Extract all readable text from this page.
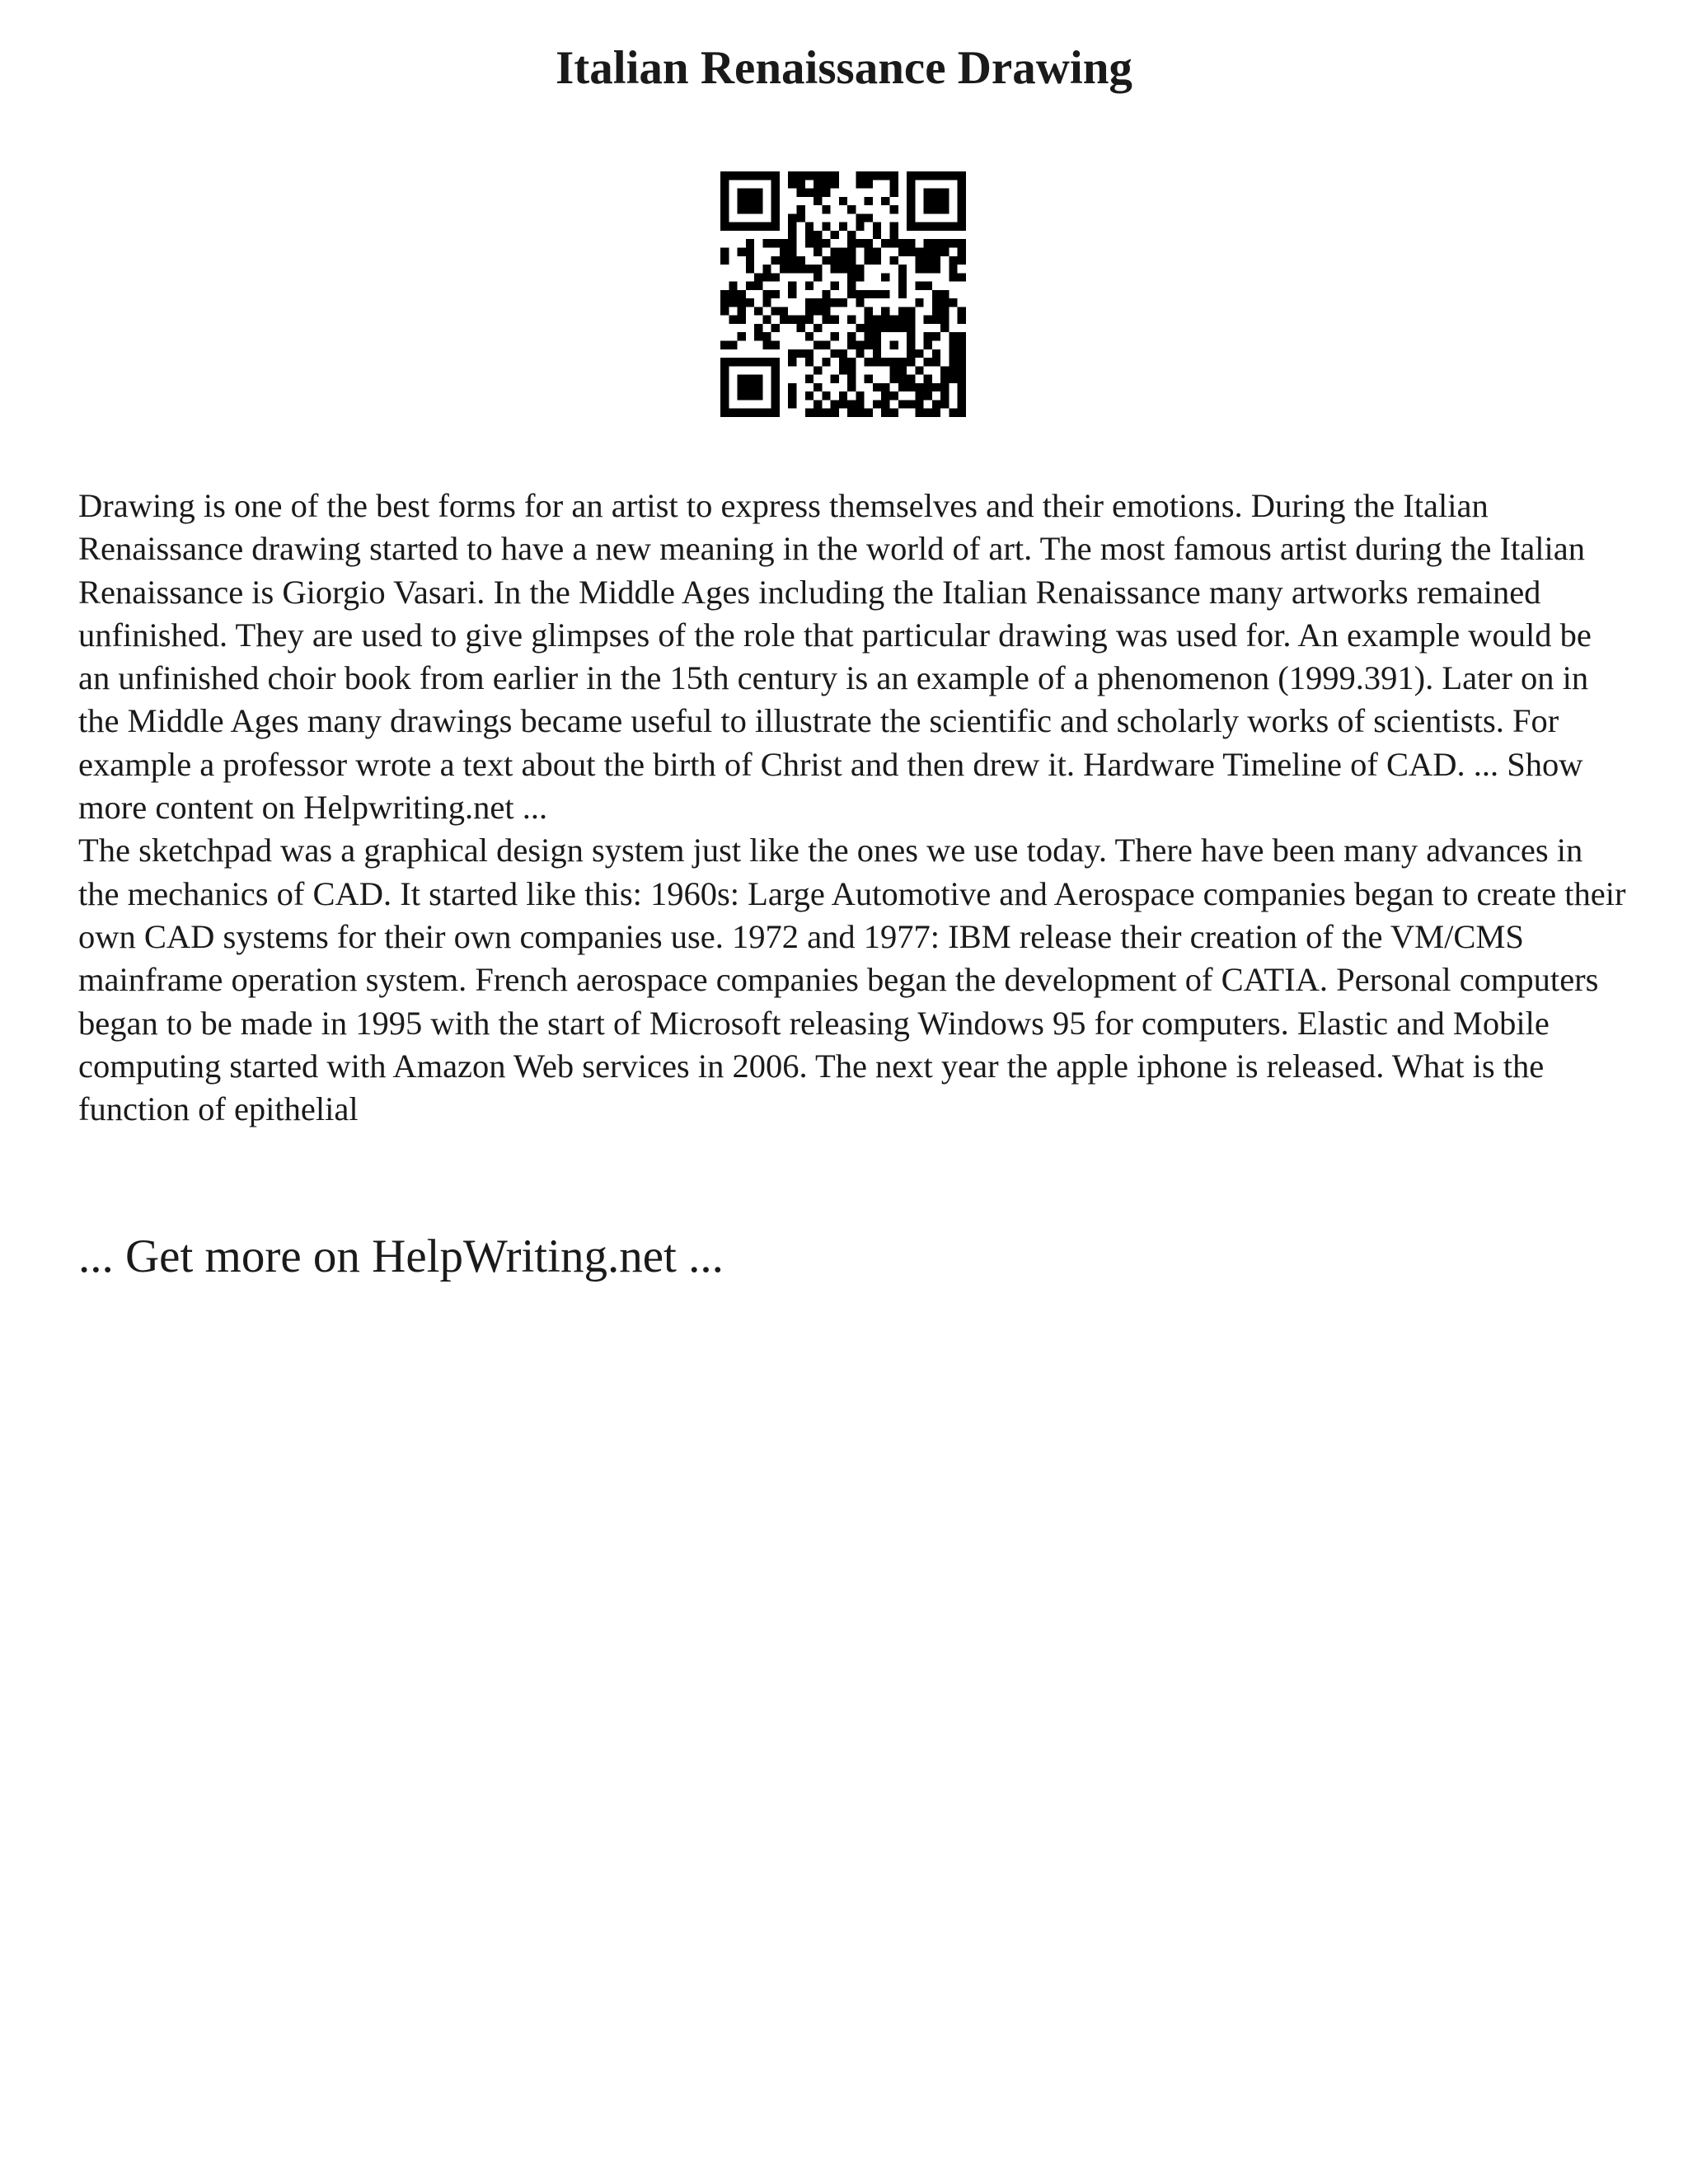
Italian Renaissance Drawing

Drawing is one of the best forms for an artist to express themselves and their emotions. During the Italian Renaissance drawing started to have a new meaning in the world of art. The most famous artist during the Italian Renaissance is Giorgio Vasari. In the Middle Ages including the Italian Renaissance many artworks remained unfinished. They are used to give glimpses of the role that particular drawing was used for. An example would be an unfinished choir book from earlier in the 15th century is an example of a phenomenon (1999.391). Later on in the Middle Ages many drawings became useful to illustrate the scientific and scholarly works of scientists. For example a professor wrote a text about the birth of Christ and then drew it. Hardware Timeline of CAD. ... Show more content on Helpwriting.net ...

The sketchpad was a graphical design system just like the ones we use today. There have been many advances in the mechanics of CAD. It started like this: 1960s: Large Automotive and Aerospace companies began to create their own CAD systems for their own companies use. 1972 and 1977: IBM release their creation of the VM/CMS mainframe operation system. French aerospace companies began the development of CATIA. Personal computers began to be made in 1995 with the start of Microsoft releasing Windows 95 for computers. Elastic and Mobile computing started with Amazon Web services in 2006. The next year the apple iphone is released. What is the function of epithelial

... Get more on HelpWriting.net ...
